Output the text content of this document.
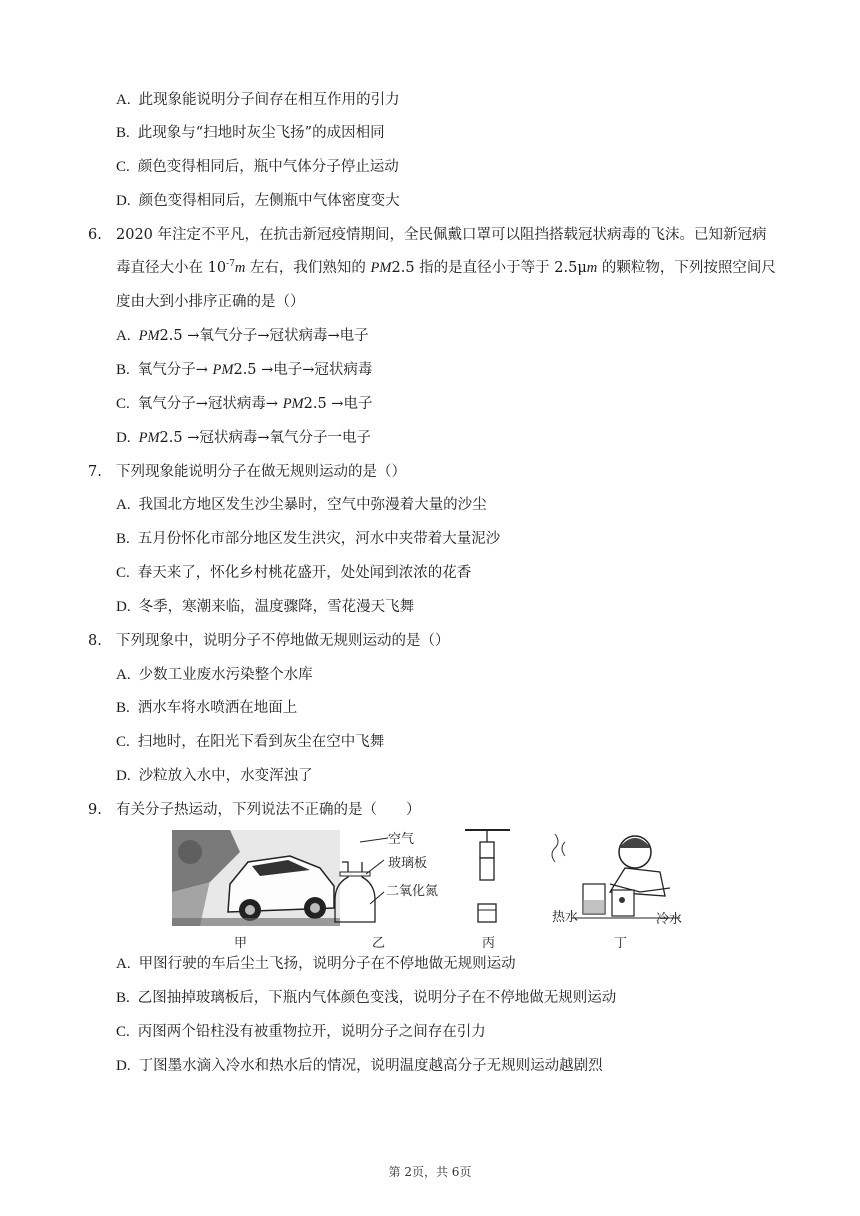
A. 此现象能说明分子间存在相互作用的引力
B. 此现象与“扫地时灰尘飞扬”的成因相同
C. 颜色变得相同后，瓶中气体分子停止运动
D. 颜色变得相同后，左侧瓶中气体密度变大
6. 2020 年注定不平凡，在抗击新冠疫情期间，全民佩戴口罩可以阻挡搭载冠状病毒的飞沫。已知新冠病
毒直径大小在 $10^{-7}m$ 左右，我们熟知的 PM2.5 指的是直径小于等于 2.5μm 的颗粒物，下列按照空间尺
度由大到小排序正确的是（）
A. PM2.5 →氧气分子→冠状病毒→电子
B. 氧气分子→ PM2.5 →电子→冠状病毒
C. 氧气分子→冠状病毒→ PM2.5 →电子
D. PM2.5 →冠状病毒→氧气分子一电子
7. 下列现象能说明分子在做无规则运动的是（）
A. 我国北方地区发生沙尘暴时，空气中弥漫着大量的沙尘
B. 五月份怀化市部分地区发生洪灾，河水中夹带着大量泥沙
C. 春天来了，怀化乡村桃花盛开，处处闻到浓浓的花香
D. 冬季，寒潮来临，温度骤降，雪花漫天飞舞
8. 下列现象中，说明分子不停地做无规则运动的是（）
A. 少数工业废水污染整个水库
B. 洒水车将水喷洒在地面上
C. 扫地时，在阳光下看到灰尘在空中飞舞
D. 沙粒放入水中，水变浑浊了
9. 有关分子热运动，下列说法不正确的是（　　）
空气
玻璃板
二氧化氮
热水	冷水
甲	乙	丙	丁
A. 甲图行驶的车后尘土飞扬，说明分子在不停地做无规则运动
B. 乙图抽掉玻璃板后，下瓶内气体颜色变浅，说明分子在不停地做无规则运动
C. 丙图两个铅柱没有被重物拉开，说明分子之间存在引力
D. 丁图墨水滴入冷水和热水后的情况，说明温度越高分子无规则运动越剧烈
第 2页，共 6页
